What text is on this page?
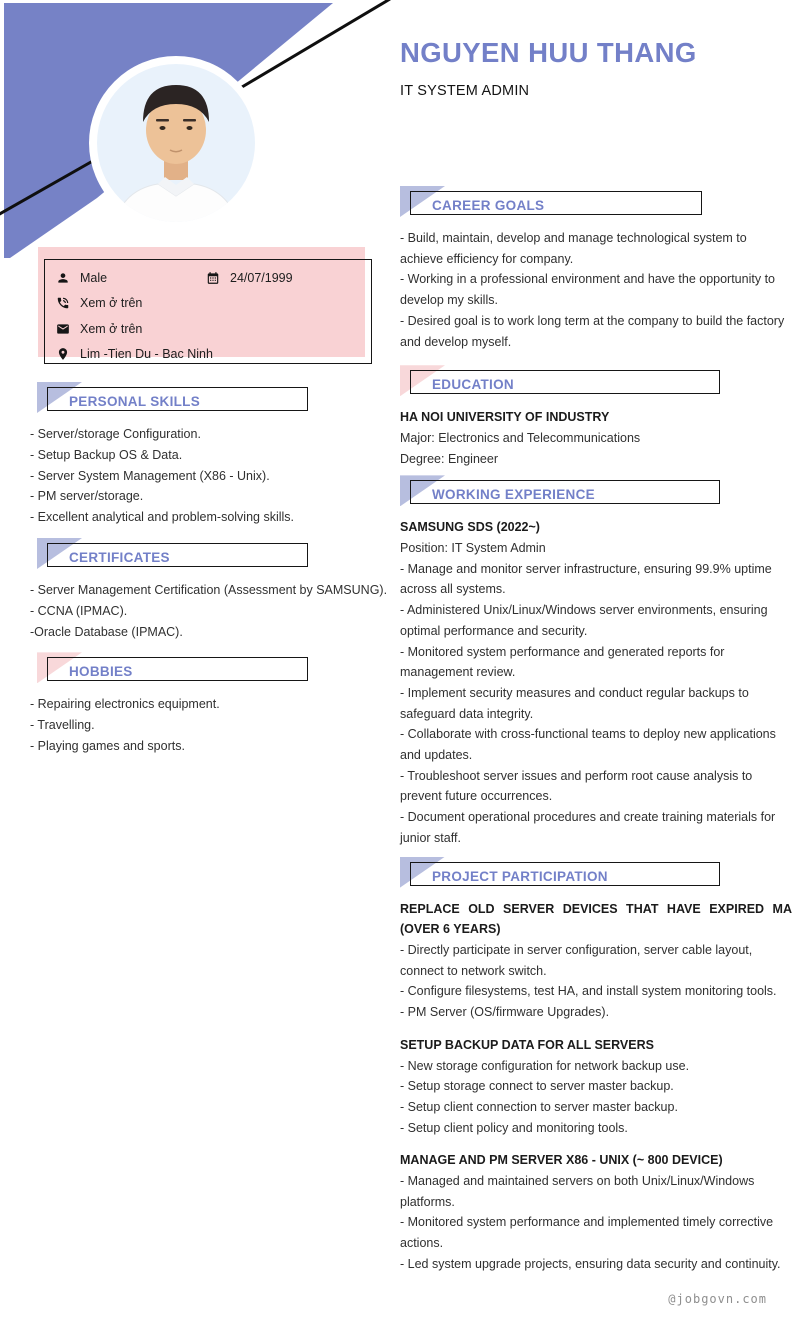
NGUYEN HUU THANG
IT SYSTEM ADMIN
Male	24/07/1999
Xem ở trên
Xem ở trên
Lim -Tien Du - Bac Ninh
PERSONAL SKILLS
- Server/storage Configuration.
- Setup Backup OS & Data.
- Server System Management (X86 - Unix).
- PM server/storage.
- Excellent analytical and problem-solving skills.
CERTIFICATES
- Server Management Certification (Assessment by SAMSUNG).
- CCNA (IPMAC).
-Oracle Database (IPMAC).
HOBBIES
- Repairing electronics equipment.
- Travelling.
- Playing games and sports.
CAREER GOALS
- Build, maintain, develop and manage technological system to achieve efficiency for company.
- Working in a professional environment and have the opportunity to develop my skills.
- Desired goal is to work long term at the company to build the factory and develop myself.
EDUCATION
HA NOI UNIVERSITY OF INDUSTRY
Major: Electronics and Telecommunications
Degree: Engineer
WORKING EXPERIENCE
SAMSUNG SDS (2022~)
Position: IT System Admin
- Manage and monitor server infrastructure, ensuring 99.9% uptime across all systems.
- Administered Unix/Linux/Windows server environments, ensuring optimal performance and security.
- Monitored system performance and generated reports for management review.
- Implement security measures and conduct regular backups to safeguard data integrity.
- Collaborate with cross-functional teams to deploy new applications and updates.
- Troubleshoot server issues and perform root cause analysis to prevent future occurrences.
- Document operational procedures and create training materials for junior staff.
PROJECT PARTICIPATION
REPLACE OLD SERVER DEVICES THAT HAVE EXPIRED MA (OVER 6 YEARS)
- Directly participate in server configuration, server cable layout, connect to network switch.
- Configure filesystems, test HA, and install system monitoring tools.
- PM Server (OS/firmware Upgrades).
SETUP BACKUP DATA FOR ALL SERVERS
- New storage configuration for network backup use.
- Setup storage connect to server master backup.
- Setup client connection to server master backup.
- Setup client policy and monitoring tools.
MANAGE AND PM SERVER X86 - UNIX (~ 800 DEVICE)
- Managed and maintained servers on both Unix/Linux/Windows platforms.
- Monitored system performance and implemented timely corrective actions.
- Led system upgrade projects, ensuring data security and continuity.
@jobgovn.com
